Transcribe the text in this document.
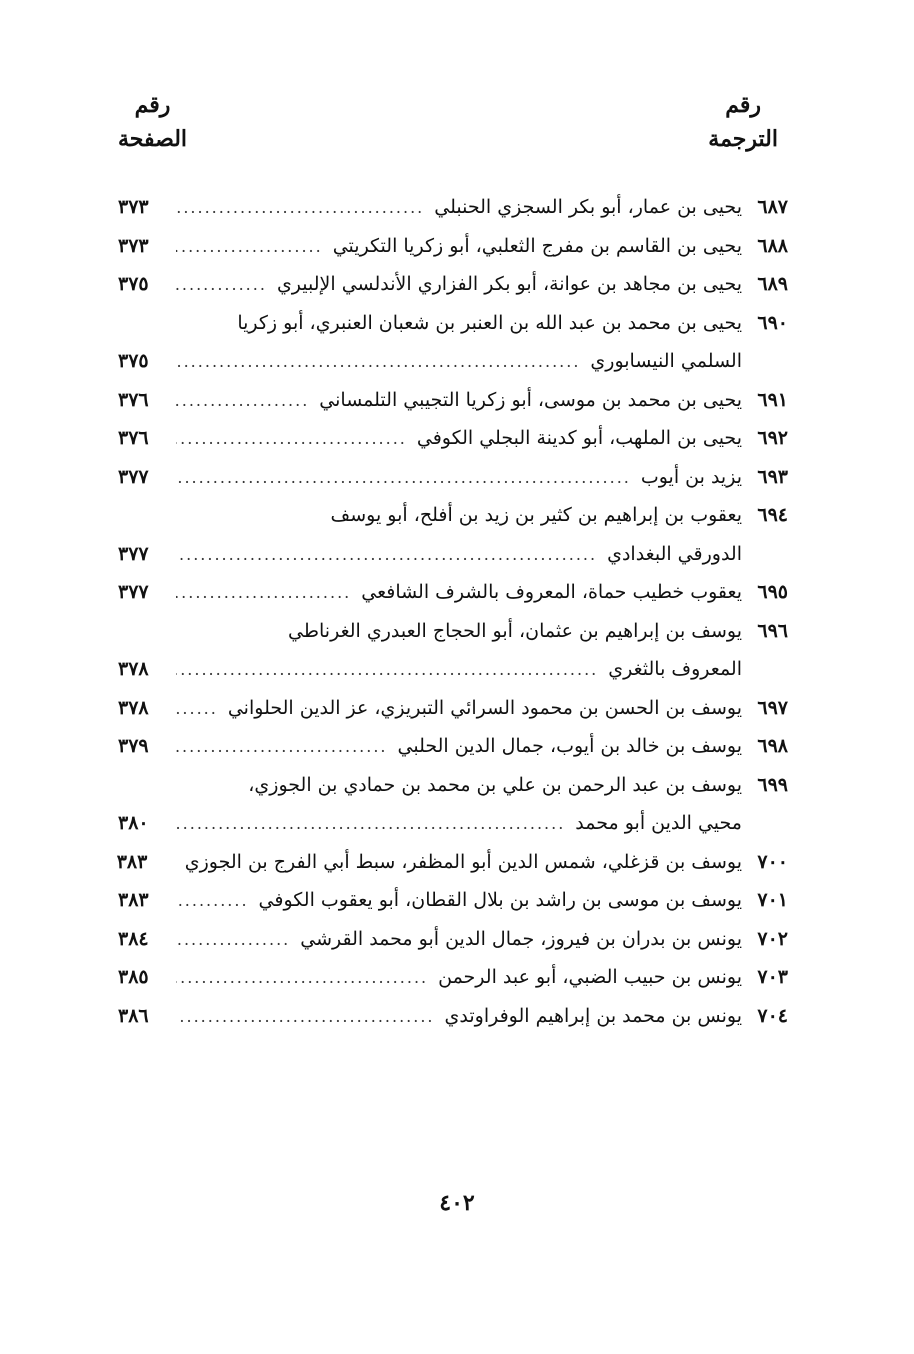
رقم
الترجمة
رقم
الصفحة
٦٨٧
يحيى بن عمار، أبو بكر السجزي الحنبلي
.....
٣٧٣
٦٨٨
يحيى بن القاسم بن مفرج الثعلبي، أبو زكريا التكريتي
.....
٣٧٣
٦٨٩
يحيى بن مجاهد بن عوانة، أبو بكر الفزاري الأندلسي الإلبيري
.....
٣٧٥
٦٩٠
يحيى بن محمد بن عبد الله بن العنبر بن شعبان العنبري، أبو زكريا
السلمي النيسابوري
.....
٣٧٥
٦٩١
يحيى بن محمد بن موسى، أبو زكريا التجيبي التلمساني
.....
٣٧٦
٦٩٢
يحيى بن الملهب، أبو كدينة البجلي الكوفي
.....
٣٧٦
٦٩٣
يزيد بن أيوب
.....
٣٧٧
٦٩٤
يعقوب بن إبراهيم بن كثير بن زيد بن أفلح، أبو يوسف
الدورقي البغدادي
.....
٣٧٧
٦٩٥
يعقوب خطيب حماة، المعروف بالشرف الشافعي
.....
٣٧٧
٦٩٦
يوسف بن إبراهيم بن عثمان، أبو الحجاج العبدري الغرناطي
المعروف بالثغري
.....
٣٧٨
٦٩٧
يوسف بن الحسن بن محمود السرائي التبريزي، عز الدين الحلواني
.....
٣٧٨
٦٩٨
يوسف بن خالد بن أيوب، جمال الدين الحلبي
.....
٣٧٩
٦٩٩
يوسف بن عبد الرحمن بن علي بن محمد بن حمادي بن الجوزي،
محيي الدين أبو محمد
.....
٣٨٠
٧٠٠
يوسف بن قزغلي، شمس الدين أبو المظفر، سبط أبي الفرج بن الجوزي
٣٨٣
٧٠١
يوسف بن موسى بن راشد بن بلال القطان، أبو يعقوب الكوفي
.....
٣٨٣
٧٠٢
يونس بن بدران بن فيروز، جمال الدين أبو محمد القرشي
.....
٣٨٤
٧٠٣
يونس بن حبيب الضبي، أبو عبد الرحمن
.....
٣٨٥
٧٠٤
يونس بن محمد بن إبراهيم الوفراوتدي
.....
٣٨٦
٤٠٢
